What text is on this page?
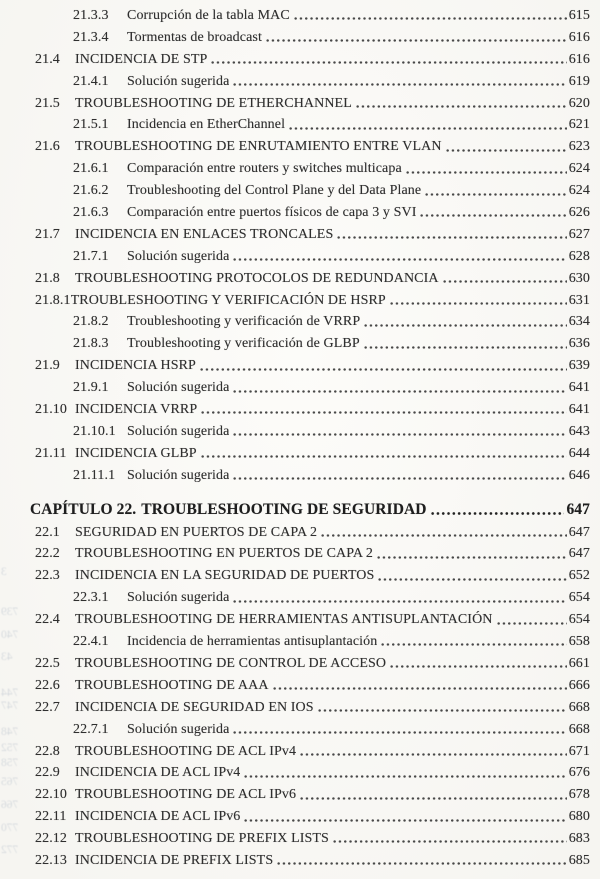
3
739
740
43
744
747
748
752
758
765
766
770
772
21.3.3	Corrupción de la tabla MAC	615
21.3.4	Tormentas de broadcast	616
21.4	INCIDENCIA DE STP	616
21.4.1	Solución sugerida	619
21.5	TROUBLESHOOTING DE ETHERCHANNEL	620
21.5.1	Incidencia en EtherChannel	621
21.6	TROUBLESHOOTING DE ENRUTAMIENTO ENTRE VLAN	623
21.6.1	Comparación entre routers y switches multicapa	624
21.6.2	Troubleshooting del Control Plane y del Data Plane	624
21.6.3	Comparación entre puertos físicos de capa 3 y SVI	626
21.7	INCIDENCIA EN ENLACES TRONCALES	627
21.7.1	Solución sugerida	628
21.8	TROUBLESHOOTING PROTOCOLOS DE REDUNDANCIA	630
21.8.1 TROUBLESHOOTING Y VERIFICACIÓN DE HSRP	631
21.8.2	Troubleshooting y verificación de VRRP	634
21.8.3	Troubleshooting y verificación de GLBP	636
21.9	INCIDENCIA HSRP	639
21.9.1	Solución sugerida	641
21.10 INCIDENCIA VRRP	641
21.10.1 Solución sugerida	643
21.11 INCIDENCIA GLBP	644
21.11.1 Solución sugerida	646
CAPÍTULO 22. TROUBLESHOOTING DE SEGURIDAD	647
22.1	SEGURIDAD EN PUERTOS DE CAPA 2	647
22.2	TROUBLESHOOTING EN PUERTOS DE CAPA 2	647
22.3	INCIDENCIA EN LA SEGURIDAD DE PUERTOS	652
22.3.1	Solución sugerida	654
22.4	TROUBLESHOOTING DE HERRAMIENTAS ANTISUPLANTACIÓN	654
22.4.1	Incidencia de herramientas antisuplantación	658
22.5	TROUBLESHOOTING DE CONTROL DE ACCESO	661
22.6	TROUBLESHOOTING DE AAA	666
22.7	INCIDENCIA DE SEGURIDAD EN IOS	668
22.7.1	Solución sugerida	668
22.8	TROUBLESHOOTING DE ACL IPv4	671
22.9	INCIDENCIA DE ACL IPv4	676
22.10 TROUBLESHOOTING DE ACL IPv6	678
22.11 INCIDENCIA DE ACL IPv6	680
22.12 TROUBLESHOOTING DE PREFIX LISTS	683
22.13 INCIDENCIA DE PREFIX LISTS	685
